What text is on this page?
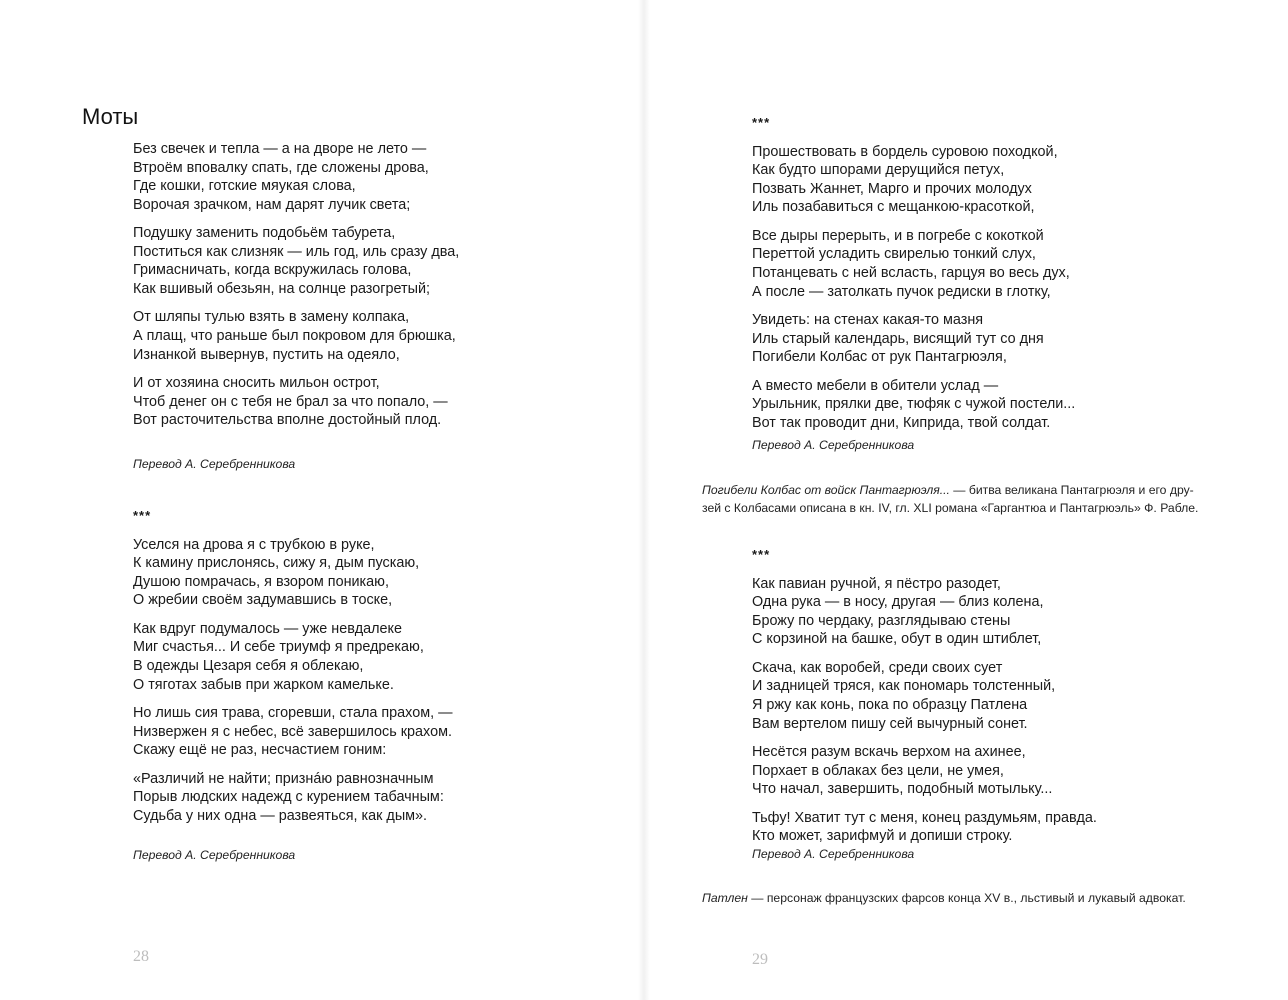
Моты
Без свечек и тепла — а на дворе не лето —
Втроём вповалку спать, где сложены дрова,
Где кошки, готские мяукая слова,
Ворочая зрачком, нам дарят лучик света;
Подушку заменить подобьём табурета,
Поститься как слизняк — иль год, иль сразу два,
Гримасничать, когда вскружилась голова,
Как вшивый обезьян, на солнце разогретый;
От шляпы тулью взять в замену колпака,
А плащ, что раньше был покровом для брюшка,
Изнанкой вывернув, пустить на одеяло,
И от хозяина сносить мильон острот,
Чтоб денег он с тебя не брал за что попало, —
Вот расточительства вполне достойный плод.
Перевод А. Серебренникова
***
Уселся на дрова я с трубкою в руке,
К камину прислонясь, сижу я, дым пускаю,
Душою помрачась, я взором поникаю,
О жребии своём задумавшись в тоске,
Как вдруг подумалось — уже невдалеке
Миг счастья... И себе триумф я предрекаю,
В одежды Цезаря себя я облекаю,
О тяготах забыв при жарком камельке.
Но лишь сия трава, сгоревши, стала прахом, —
Низвержен я с небес, всё завершилось крахом.
Скажу ещё не раз, несчастием гоним:
«Различий не найти; признáю равнозначным
Порыв людских надежд с курением табачным:
Судьба у них одна — развеяться, как дым».
Перевод А. Серебренникова
28
***
Прошествовать в бордель суровою походкой,
Как будто шпорами дерущийся петух,
Позвать Жаннет, Марго и прочих молодух
Иль позабавиться с мещанкою-красоткой,
Все дыры перерыть, и в погребе с кокоткой
Переттой усладить свирелью тонкий слух,
Потанцевать с ней всласть, гарцуя во весь дух,
А после — затолкать пучок редиски в глотку,
Увидеть: на стенах какая-то мазня
Иль старый календарь, висящий тут со дня
Погибели Колбас от рук Пантагрюэля,
А вместо мебели в обители услад —
Урыльник, прялки две, тюфяк с чужой постели...
Вот так проводит дни, Киприда, твой солдат.
Перевод А. Серебренникова
Погибели Колбас от войск Пантагрюэля... — битва великана Пантагрюэля и его дру-
зей с Колбасами описана в кн. IV, гл. XLI романа «Гаргантюа и Пантагрюэль» Ф. Рабле.
***
Как павиан ручной, я пёстро разодет,
Одна рука — в носу, другая — близ колена,
Брожу по чердаку, разглядываю стены
С корзиной на башке, обут в один штиблет,
Скача, как воробей, среди своих сует
И задницей тряся, как пономарь толстенный,
Я ржу как конь, пока по образцу Патлена
Вам вертелом пишу сей вычурный сонет.
Несётся разум вскачь верхом на ахинее,
Порхает в облаках без цели, не умея,
Что начал, завершить, подобный мотыльку...
Тьфу! Хватит тут с меня, конец раздумьям, правда.
Кто может, зарифмуй и допиши строку.
Перевод А. Серебренникова
Патлен — персонаж французских фарсов конца XV в., льстивый и лукавый адвокат.
29
